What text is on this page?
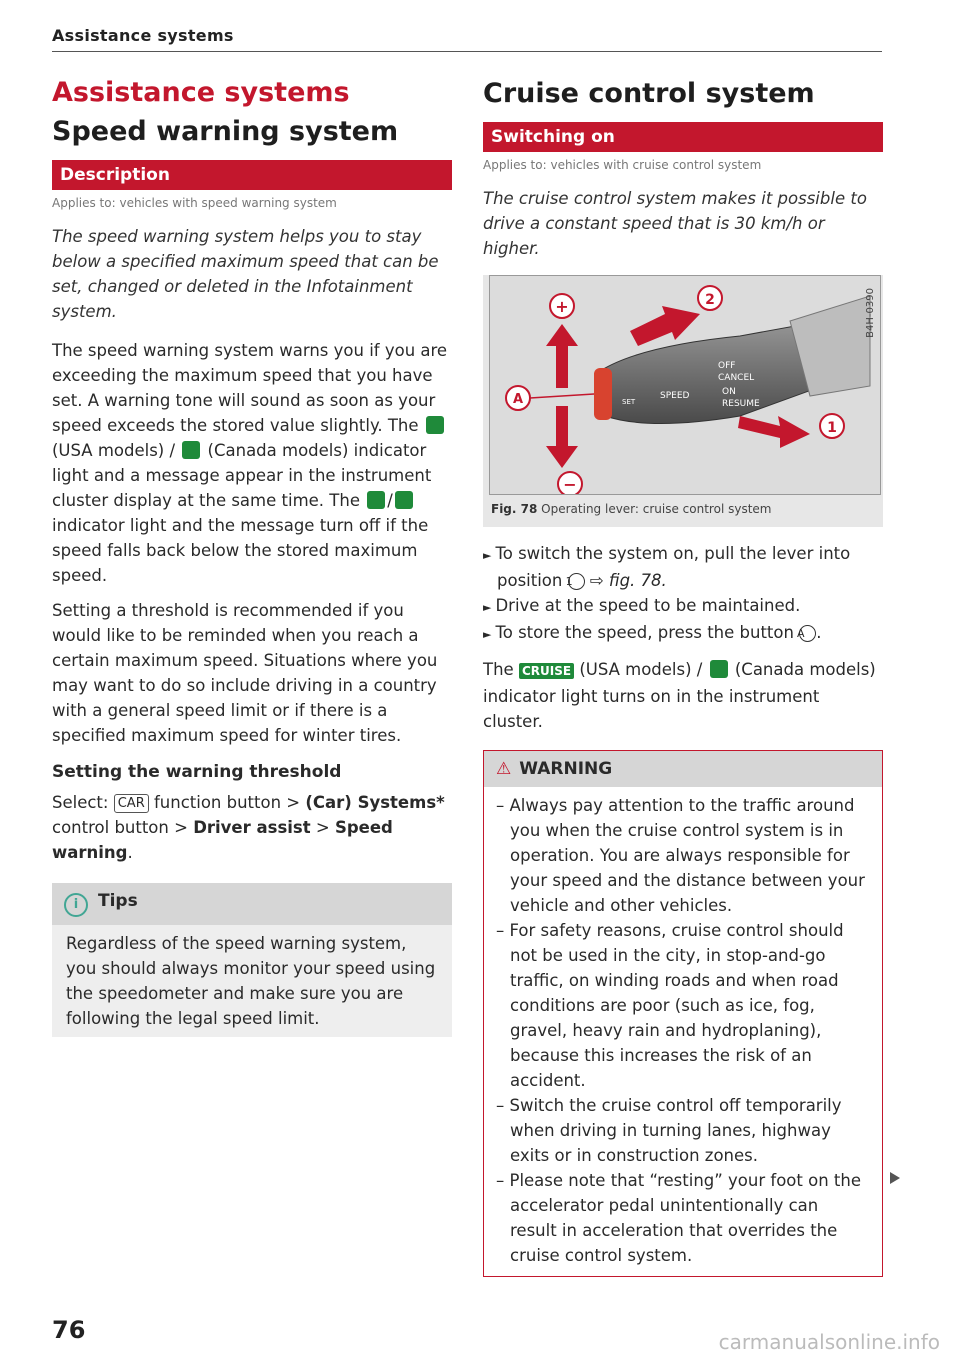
Assistance systems
Assistance systems
Speed warning system
Description
Applies to: vehicles with speed warning system
The speed warning system helps you to stay below a specified maximum speed that can be set, changed or deleted in the Infotainment system.

The speed warning system warns you if you are exceeding the maximum speed that you have set. A warning tone will sound as soon as your speed exceeds the stored value slightly. The  (USA models) / (Canada models) indicator light and a message appear in the instrument cluster display at the same time. The / indicator light and the message turn off if the speed falls back below the stored maximum speed.

Setting a threshold is recommended if you would like to be reminded when you reach a certain maximum speed. Situations where you may want to do so include driving in a country with a general speed limit or if there is a specified maximum speed for winter tires.

Setting the warning threshold

Select: CAR function button > (Car) Systems* control button > Driver assist > Speed warning.

i Tips

Regardless of the speed warning system, you should always monitor your speed using the speedometer and make sure you are following the legal speed limit.

Cruise control system
Switching on
Applies to: vehicles with cruise control system
The cruise control system makes it possible to drive a constant speed that is 30 km/h or higher.
OFF
CANCEL
ON
RESUME
SPEED
SET
+
−
A
2
1
B4H-0390
Fig. 78 Operating lever: cruise control system

► To switch the system on, pull the lever into position 1 ⇨ fig. 78.

► Drive at the speed to be maintained.

► To store the speed, press the button A .

The CRUISE (USA models) / (Canada models) indicator light turns on in the instrument cluster.

⚠ WARNING

– Always pay attention to the traffic around you when the cruise control system is in operation. You are always responsible for your speed and the distance between your vehicle and other vehicles.

– For safety reasons, cruise control should not be used in the city, in stop-and-go traffic, on winding roads and when road conditions are poor (such as ice, fog, gravel, heavy rain and hydroplaning), because this increases the risk of an accident.

– Switch the cruise control off temporarily when driving in turning lanes, highway exits or in construction zones.

– Please note that “resting” your foot on the accelerator pedal unintentionally can result in acceleration that overrides the cruise control system.

76	carmanualsonline.info
